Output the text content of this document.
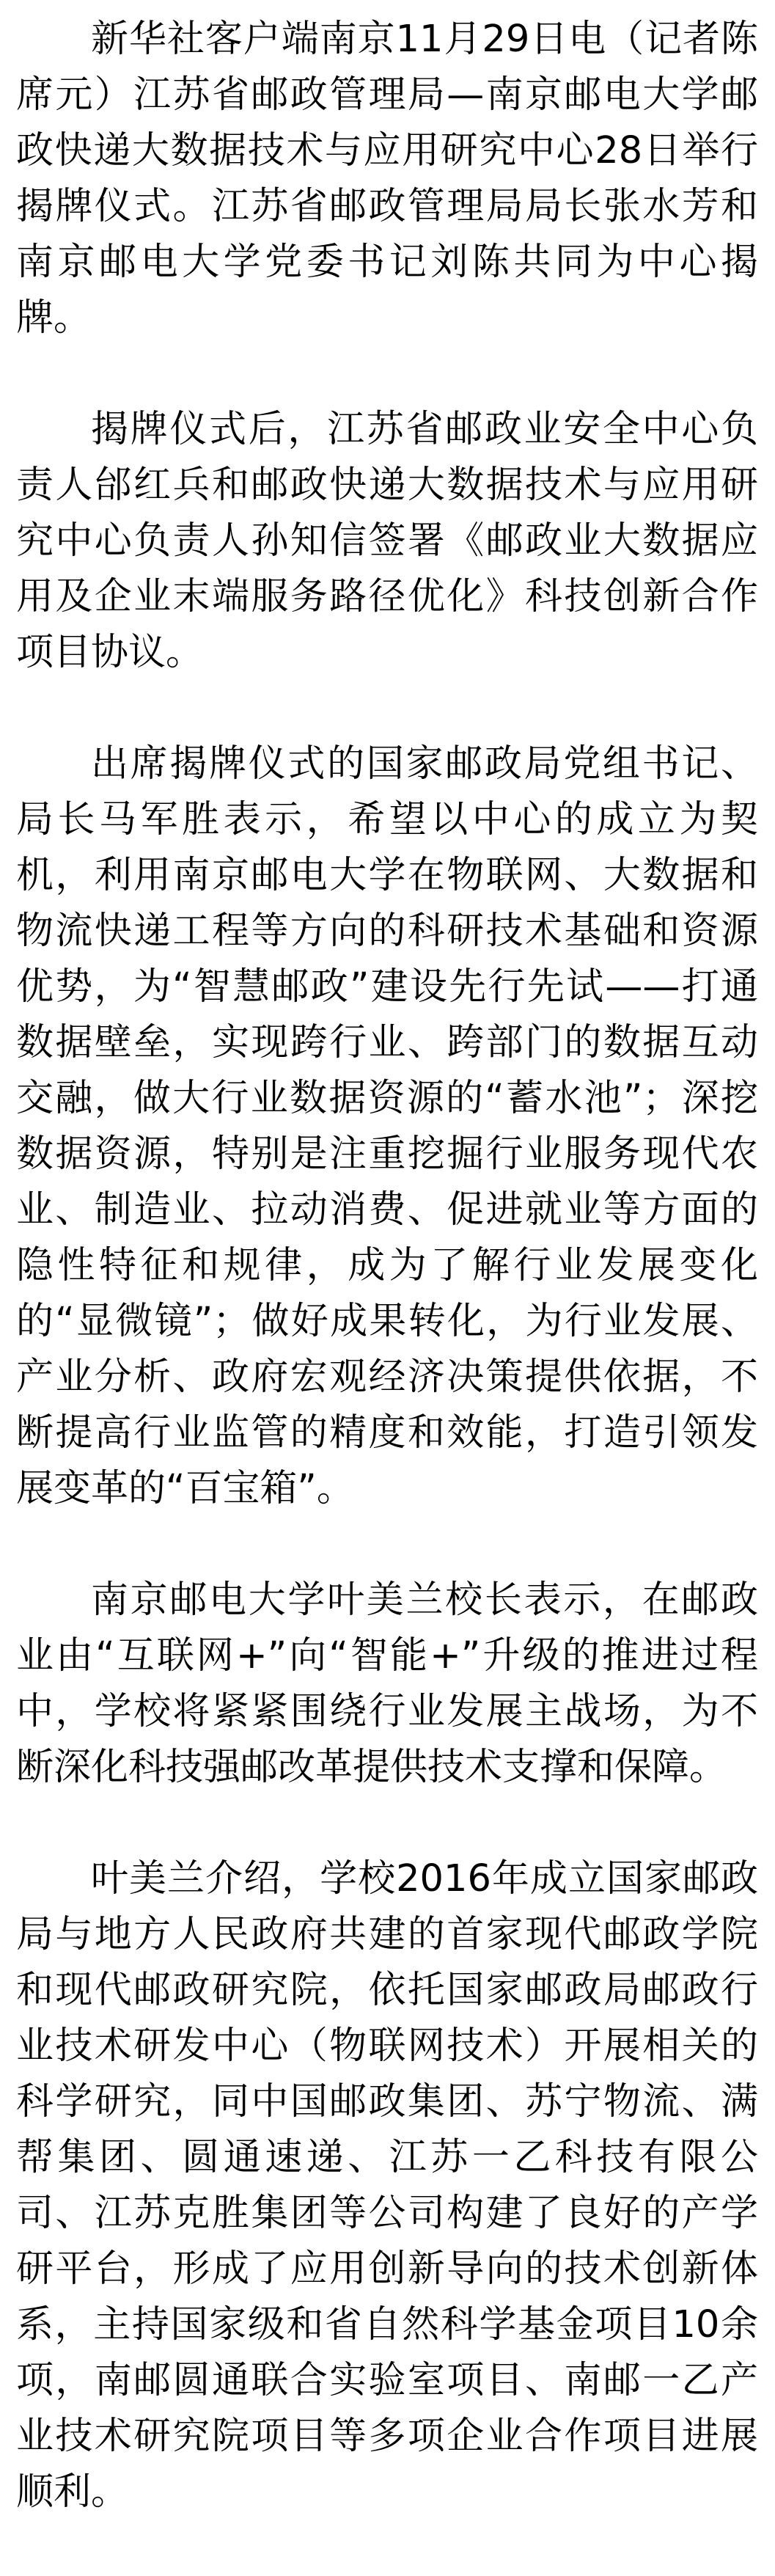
新华社客户端南京11月29日电（记者陈席元）江苏省邮政管理局—南京邮电大学邮政快递大数据技术与应用研究中心28日举行揭牌仪式。江苏省邮政管理局局长张水芳和南京邮电大学党委书记刘陈共同为中心揭牌。

揭牌仪式后，江苏省邮政业安全中心负责人邰红兵和邮政快递大数据技术与应用研究中心负责人孙知信签署《邮政业大数据应用及企业末端服务路径优化》科技创新合作项目协议。

出席揭牌仪式的国家邮政局党组书记、局长马军胜表示，希望以中心的成立为契机，利用南京邮电大学在物联网、大数据和物流快递工程等方向的科研技术基础和资源优势，为“智慧邮政”建设先行先试——打通数据壁垒，实现跨行业、跨部门的数据互动交融，做大行业数据资源的“蓄水池”；深挖数据资源，特别是注重挖掘行业服务现代农业、制造业、拉动消费、促进就业等方面的隐性特征和规律，成为了解行业发展变化的“显微镜”；做好成果转化，为行业发展、产业分析、政府宏观经济决策提供依据，不断提高行业监管的精度和效能，打造引领发展变革的“百宝箱”。

南京邮电大学叶美兰校长表示，在邮政业由“互联网+”向“智能+”升级的推进过程中，学校将紧紧围绕行业发展主战场，为不断深化科技强邮改革提供技术支撑和保障。

叶美兰介绍，学校2016年成立国家邮政局与地方人民政府共建的首家现代邮政学院和现代邮政研究院，依托国家邮政局邮政行业技术研发中心（物联网技术）开展相关的科学研究，同中国邮政集团、苏宁物流、满帮集团、圆通速递、江苏一乙科技有限公司、江苏克胜集团等公司构建了良好的产学研平台，形成了应用创新导向的技术创新体系，主持国家级和省自然科学基金项目10余项，南邮圆通联合实验室项目、南邮一乙产业技术研究院项目等多项企业合作项目进展顺利。
